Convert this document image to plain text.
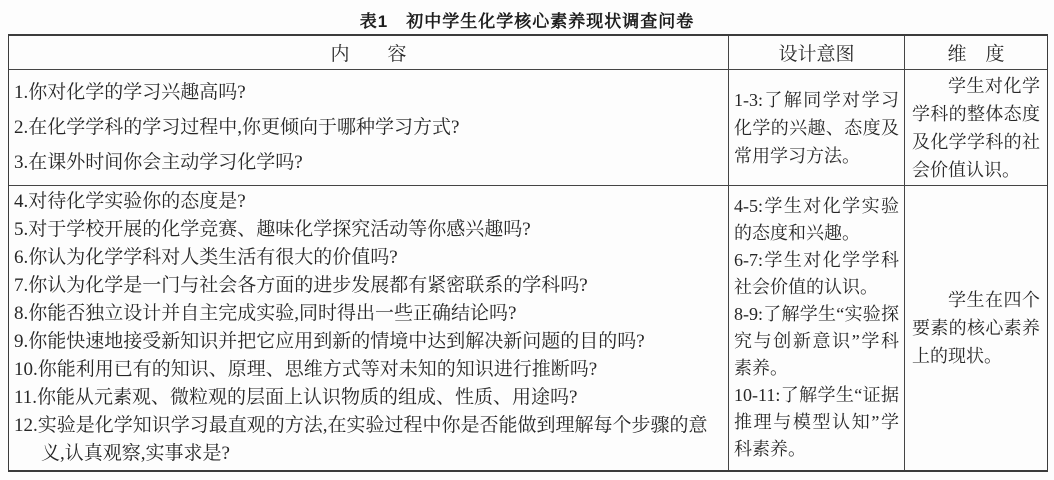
表1　初中学生化学核心素养现状调查问卷
内　　容	设计意图	维　度
1.你对化学的学习兴趣高吗?
2.在化学学科的学习过程中,你更倾向于哪种学习方式?
3.在课外时间你会主动学习化学吗?
1-3:了解同学对学习化学的兴趣、态度及常用学习方法。

学生对化学学科的整体态度及化学学科的社会价值认识。

4.对待化学实验你的态度是?
5.对于学校开展的化学竞赛、趣味化学探究活动等你感兴趣吗?
6.你认为化学学科对人类生活有很大的价值吗?
7.你认为化学是一门与社会各方面的进步发展都有紧密联系的学科吗?
8.你能否独立设计并自主完成实验,同时得出一些正确结论吗?
9.你能快速地接受新知识并把它应用到新的情境中达到解决新问题的目的吗?
10.你能利用已有的知识、原理、思维方式等对未知的知识进行推断吗?
11.你能从元素观、微粒观的层面上认识物质的组成、性质、用途吗?
12.实验是化学知识学习最直观的方法,在实验过程中你是否能做到理解每个步骤的意义,认真观察,实事求是?
4-5:学生对化学实验的态度和兴趣。
6-7:学生对化学学科社会价值的认识。
8-9:了解学生“实验探究与创新意识”学科素养。
10-11:了解学生“证据推理与模型认知”学科素养。

学生在四个要素的核心素养上的现状。
